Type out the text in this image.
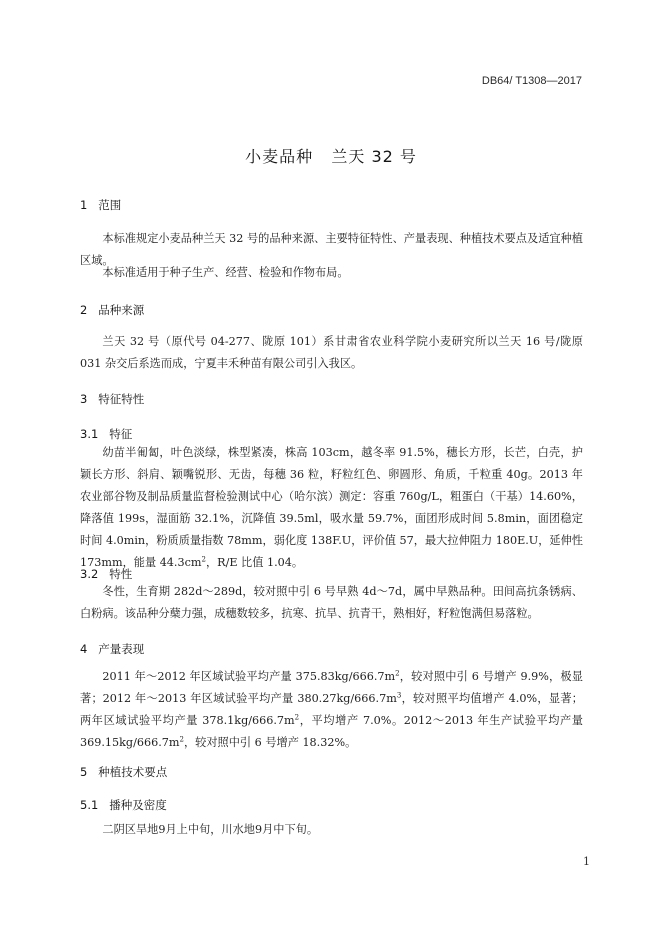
DB64/ T1308—2017
小麦品种   兰天 32 号
1   范围

本标准规定小麦品种兰天 32 号的品种来源、主要特征特性、产量表现、种植技术要点及适宜种植区域。

本标准适用于种子生产、经营、检验和作物布局。

2   品种来源

兰天 32 号（原代号 04-277、陇原 101）系甘肃省农业科学院小麦研究所以兰天 16 号/陇原 031 杂交后系选而成，宁夏丰禾种苗有限公司引入我区。

3   特征特性
3.1   特征

幼苗半匍匐，叶色淡绿，株型紧凑，株高 103cm，越冬率 91.5%，穗长方形，长芒，白壳，护颖长方形、斜肩、颖嘴锐形、无齿，每穗 36 粒，籽粒红色、卵圆形、角质，千粒重 40g。2013 年农业部谷物及制品质量监督检验测试中心（哈尔滨）测定：容重 760g/L，粗蛋白（干基）14.60%，降落值 199s，湿面筋 32.1%，沉降值 39.5ml，吸水量 59.7%，面团形成时间 5.8min，面团稳定时间 4.0min，粉质质量指数 78mm，弱化度 138F.U，评价值 57，最大拉伸阻力 180E.U，延伸性 173mm，能量 $44.3cm^2$，R/E 比值 1.04。

3.2   特性

冬性，生育期 282d～289d，较对照中引 6 号早熟 4d～7d，属中早熟品种。田间高抗条锈病、白粉病。该品种分蘖力强，成穗数较多，抗寒、抗旱、抗青干，熟相好，籽粒饱满但易落粒。

4   产量表现

2011 年～2012 年区域试验平均产量 $375.83kg/666.7m^2$，较对照中引 6 号增产 9.9%，极显著；2012 年～2013 年区域试验平均产量 $380.27kg/666.7m^3$，较对照平均值增产 4.0%，显著；两年区域试验平均产量 $378.1kg/666.7m^2$，平均增产 7.0%。2012～2013 年生产试验平均产量 $369.15kg/666.7m^2$，较对照中引 6 号增产 18.32%。

5   种植技术要点
5.1   播种及密度

二阴区旱地9月上中旬，川水地9月中下旬。

1
